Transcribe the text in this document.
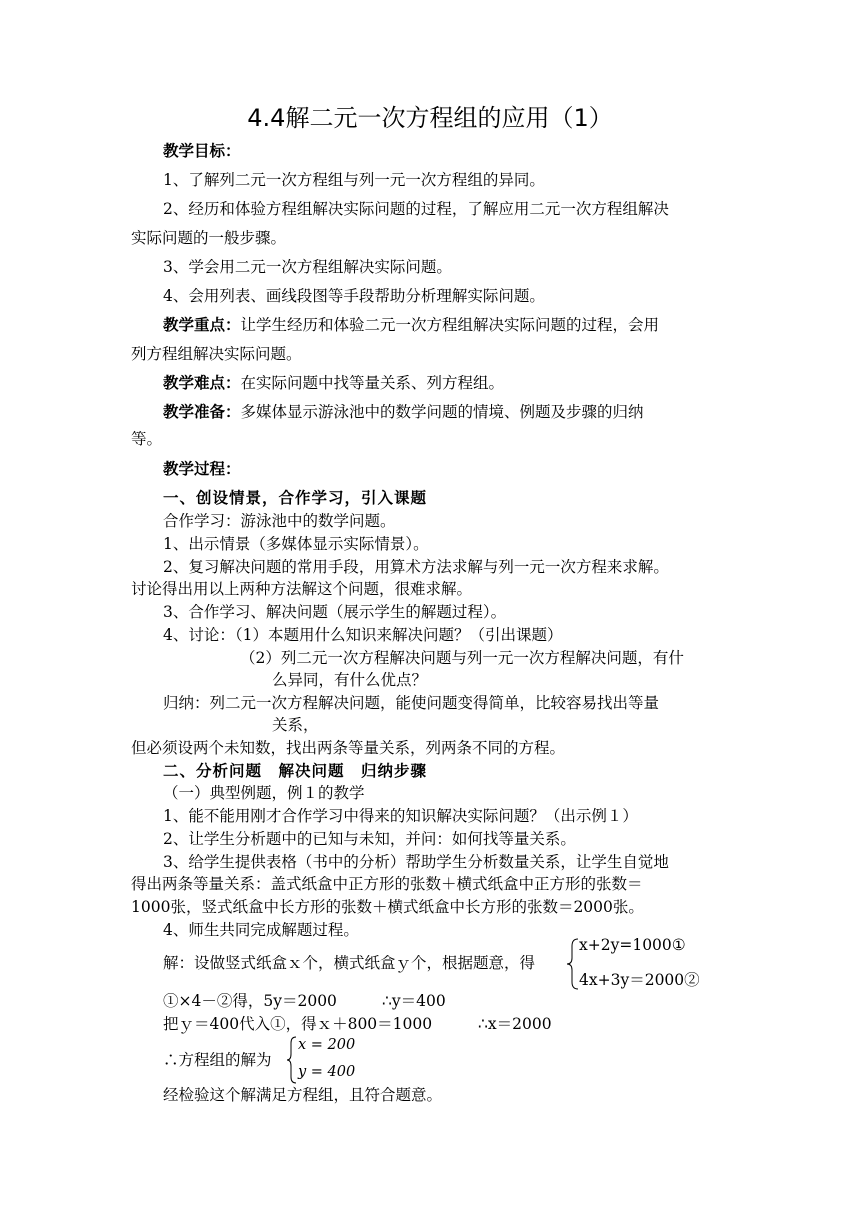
4.4解二元一次方程组的应用（1）
教学目标：
1、了解列二元一次方程组与列一元一次方程组的异同。
2、经历和体验方程组解决实际问题的过程，了解应用二元一次方程组解决
实际问题的一般步骤。
3、学会用二元一次方程组解决实际问题。
4、会用列表、画线段图等手段帮助分析理解实际问题。
教学重点：让学生经历和体验二元一次方程组解决实际问题的过程，会用
列方程组解决实际问题。
教学难点：在实际问题中找等量关系、列方程组。
教学准备：多媒体显示游泳池中的数学问题的情境、例题及步骤的归纳
等。
教学过程：
一、创设情景，合作学习，引入课题
合作学习：游泳池中的数学问题。
1、出示情景（多媒体显示实际情景）。
2、复习解决问题的常用手段，用算术方法求解与列一元一次方程来求解。
讨论得出用以上两种方法解这个问题，很难求解。
3、合作学习、解决问题（展示学生的解题过程）。
4、讨论：（1）本题用什么知识来解决问题？（引出课题）
（2）列二元一次方程解决问题与列一元一次方程解决问题，有什
么异同，有什么优点？
归纳：列二元一次方程解决问题，能使问题变得简单，比较容易找出等量
关系，
但必须设两个未知数，找出两条等量关系，列两条不同的方程。
二、分析问题　解决问题　归纳步骤
（一）典型例题，例１的教学
1、能不能用刚才合作学习中得来的知识解决实际问题？（出示例１）
2、让学生分析题中的已知与未知，并问：如何找等量关系。
3、给学生提供表格（书中的分析）帮助学生分析数量关系，让学生自觉地
得出两条等量关系：盖式纸盒中正方形的张数＋横式纸盒中正方形的张数＝
1000张，竖式纸盒中长方形的张数＋横式纸盒中长方形的张数＝2000张。
4、师生共同完成解题过程。
解：设做竖式纸盒ｘ个，横式纸盒ｙ个，根据题意，得
x+2y=1000①
4x+3y＝2000②
①×4－②得，5y＝2000	∴y＝400
把ｙ＝400代入①，得ｘ＋800＝1000	∴x＝2000
∴方程组的解为
x = 200
y = 400
经检验这个解满足方程组，且符合题意。
